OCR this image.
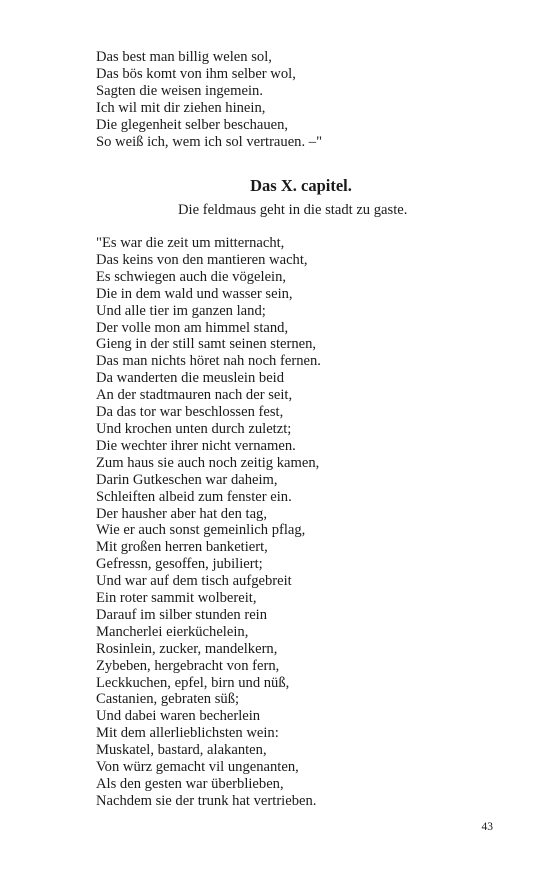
Das best man billig welen sol,
Das bös komt von ihm selber wol,
Sagten die weisen ingemein.
Ich wil mit dir ziehen hinein,
Die glegenheit selber beschauen,
So weiß ich, wem ich sol vertrauen. –"
Das X. capitel.
Die feldmaus geht in die stadt zu gaste.
"Es war die zeit um mitternacht,
Das keins von den mantieren wacht,
Es schwiegen auch die vögelein,
Die in dem wald und wasser sein,
Und alle tier im ganzen land;
Der volle mon am himmel stand,
Gieng in der still samt seinen sternen,
Das man nichts höret nah noch fernen.
Da wanderten die meuslein beid
An der stadtmauren nach der seit,
Da das tor war beschlossen fest,
Und krochen unten durch zuletzt;
Die wechter ihrer nicht vernamen.
Zum haus sie auch noch zeitig kamen,
Darin Gutkeschen war daheim,
Schleiften albeid zum fenster ein.
Der hausher aber hat den tag,
Wie er auch sonst gemeinlich pflag,
Mit großen herren banketiert,
Gefressn, gesoffen, jubiliert;
Und war auf dem tisch aufgebreit
Ein roter sammit wolbereit,
Darauf im silber stunden rein
Mancherlei eierküchelein,
Rosinlein, zucker, mandelkern,
Zybeben, hergebracht von fern,
Leckkuchen, epfel, birn und nüß,
Castanien, gebraten süß;
Und dabei waren becherlein
Mit dem allerlieblichsten wein:
Muskatel, bastard, alakanten,
Von würz gemacht vil ungenanten,
Als den gesten war überblieben,
Nachdem sie der trunk hat vertrieben.
43
